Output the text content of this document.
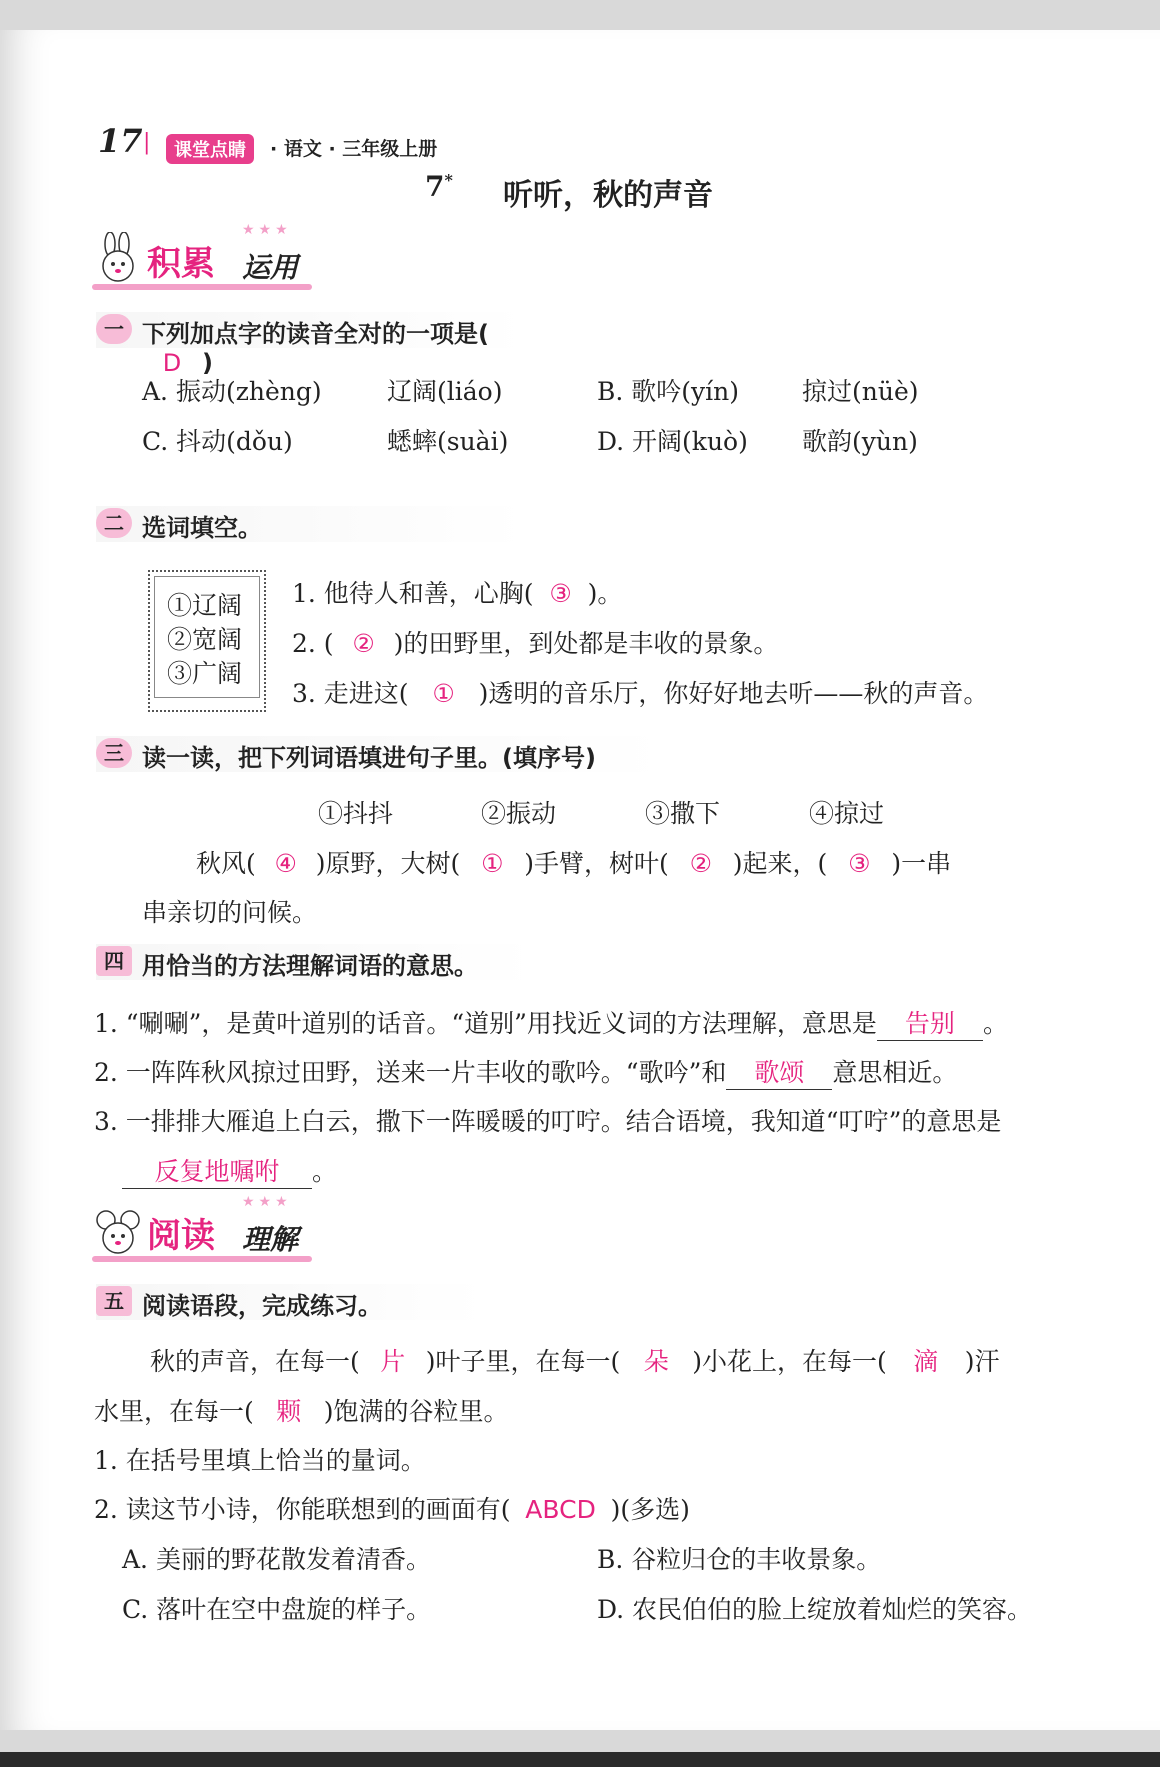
17 |	课堂点睛	· 语文 · 三年级上册
7* 听听，秋的声音
★★★
积累 运用
一 下列加点字的读音全对的一项是(D )
A. 振动(zhèng)	辽阔(liáo)	B. 歌吟(yín)	掠过(nüè)
C. 抖动(dǒu)	蟋蟀(suài)	D. 开阔(kuò) 歌韵(yùn)
二 选词填空。
①辽阔
②宽阔
③广阔
1. 他待人和善，心胸( ③ )。
2. ( ② )的田野里，到处都是丰收的景象。
3. 走进这( ① )透明的音乐厅，你好好地去听——秋的声音。
三 读一读，把下列词语填进句子里。(填序号)
①抖抖	②振动	③撒下	④掠过
秋风( ④ )原野，大树( ① )手臂，树叶( ② )起来，( ③ )一串
串亲切的问候。
四 用恰当的方法理解词语的意思。
1. “唰唰”，是黄叶道别的话音。“道别”用找近义词的方法理解，意思是 告别 。
2. 一阵阵秋风掠过田野，送来一片丰收的歌吟。“歌吟”和 歌颂 意思相近。
3. 一排排大雁追上白云，撒下一阵暖暖的叮咛。结合语境，我知道“叮咛”的意思是
反复地嘱咐 。
★★★
阅读 理解
五 阅读语段，完成练习。
秋的声音，在每一( 片 )叶子里，在每一( 朵 )小花上，在每一( 滴 )汗
水里，在每一( 颗 )饱满的谷粒里。
1. 在括号里填上恰当的量词。
2. 读这节小诗，你能联想到的画面有( ABCD )(多选)
A. 美丽的野花散发着清香。	B. 谷粒归仓的丰收景象。
C. 落叶在空中盘旋的样子。	D. 农民伯伯的脸上绽放着灿烂的笑容。
